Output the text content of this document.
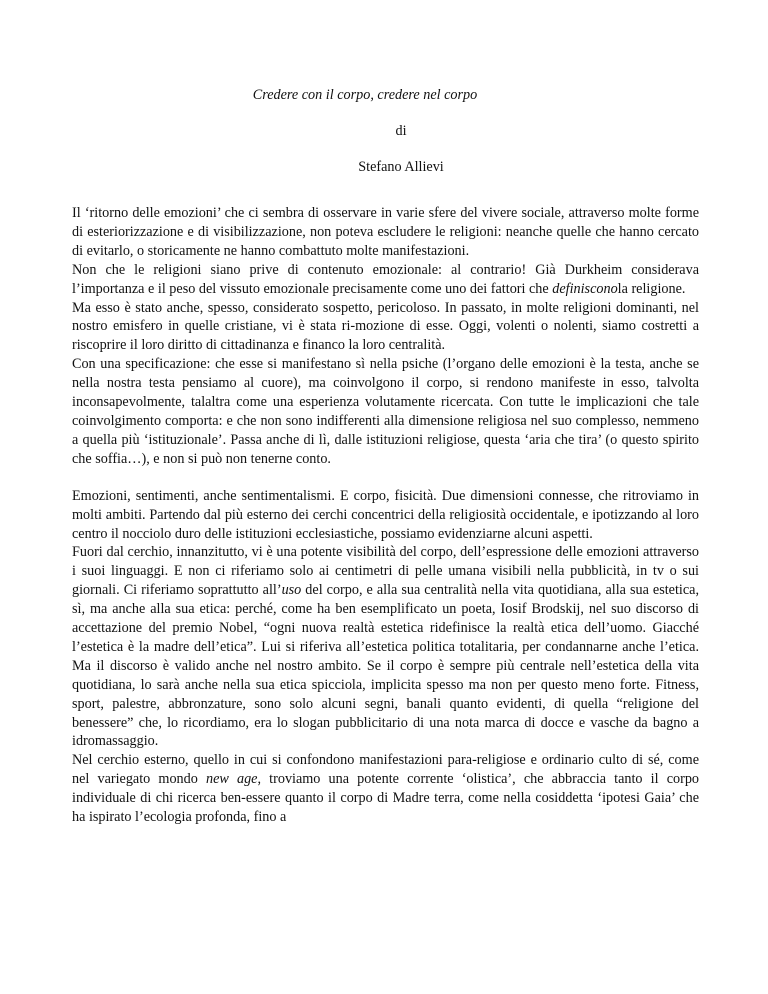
Credere con il corpo, credere nel corpo

di

Stefano Allievi

Il ‘ritorno delle emozioni’ che ci sembra di osservare in varie sfere del vivere sociale, attraverso molte forme di esteriorizzazione e di visibilizzazione, non poteva escludere le religioni: neanche quelle che hanno cercato di evitarlo, o storicamente ne hanno combattuto molte manifestazioni.

Non che le religioni siano prive di contenuto emozionale: al contrario! Già Durkheim considerava l’importanza e il peso del vissuto emozionale precisamente come uno dei fattori che definisconola religione.

Ma esso è stato anche, spesso, considerato sospetto, pericoloso. In passato, in molte religioni dominanti, nel nostro emisfero in quelle cristiane, vi è stata ri-mozione di esse. Oggi, volenti o nolenti, siamo costretti a riscoprire il loro diritto di cittadinanza e financo la loro centralità.

Con una specificazione: che esse si manifestano sì nella psiche (l’organo delle emozioni è la testa, anche se nella nostra testa pensiamo al cuore), ma coinvolgono il corpo, si rendono manifeste in esso, talvolta inconsapevolmente, talaltra come una esperienza volutamente ricercata. Con tutte le implicazioni che tale coinvolgimento comporta: e che non sono indifferenti alla dimensione religiosa nel suo complesso, nemmeno a quella più ‘istituzionale’. Passa anche di lì, dalle istituzioni religiose, questa ‘aria che tira’ (o questo spirito che soffia…), e non si può non tenerne conto.

Emozioni, sentimenti, anche sentimentalismi. E corpo, fisicità. Due dimensioni connesse, che ritroviamo in molti ambiti. Partendo dal più esterno dei cerchi concentrici della religiosità occidentale, e ipotizzando al loro centro il nocciolo duro delle istituzioni ecclesiastiche, possiamo evidenziarne alcuni aspetti.

Fuori dal cerchio, innanzitutto, vi è una potente visibilità del corpo, dell’espressione delle emozioni attraverso i suoi linguaggi. E non ci riferiamo solo ai centimetri di pelle umana visibili nella pubblicità, in tv o sui giornali. Ci riferiamo soprattutto all’uso del corpo, e alla sua centralità nella vita quotidiana, alla sua estetica, sì, ma anche alla sua etica: perché, come ha ben esemplificato un poeta, Iosif Brodskij, nel suo discorso di accettazione del premio Nobel, “ogni nuova realtà estetica ridefinisce la realtà etica dell’uomo. Giacché l’estetica è la madre dell’etica”. Lui si riferiva all’estetica politica totalitaria, per condannarne anche l’etica. Ma il discorso è valido anche nel nostro ambito. Se il corpo è sempre più centrale nell’estetica della vita quotidiana, lo sarà anche nella sua etica spicciola, implicita spesso ma non per questo meno forte. Fitness, sport, palestre, abbronzature, sono solo alcuni segni, banali quanto evidenti, di quella “religione del benessere” che, lo ricordiamo, era lo slogan pubblicitario di una nota marca di docce e vasche da bagno a idromassaggio.

Nel cerchio esterno, quello in cui si confondono manifestazioni para-religiose e ordinario culto di sé, come nel variegato mondo new age, troviamo una potente corrente ‘olistica’, che abbraccia tanto il corpo individuale di chi ricerca ben-essere quanto il corpo di Madre terra, come nella cosiddetta ‘ipotesi Gaia’ che ha ispirato l’ecologia profonda, fino a
